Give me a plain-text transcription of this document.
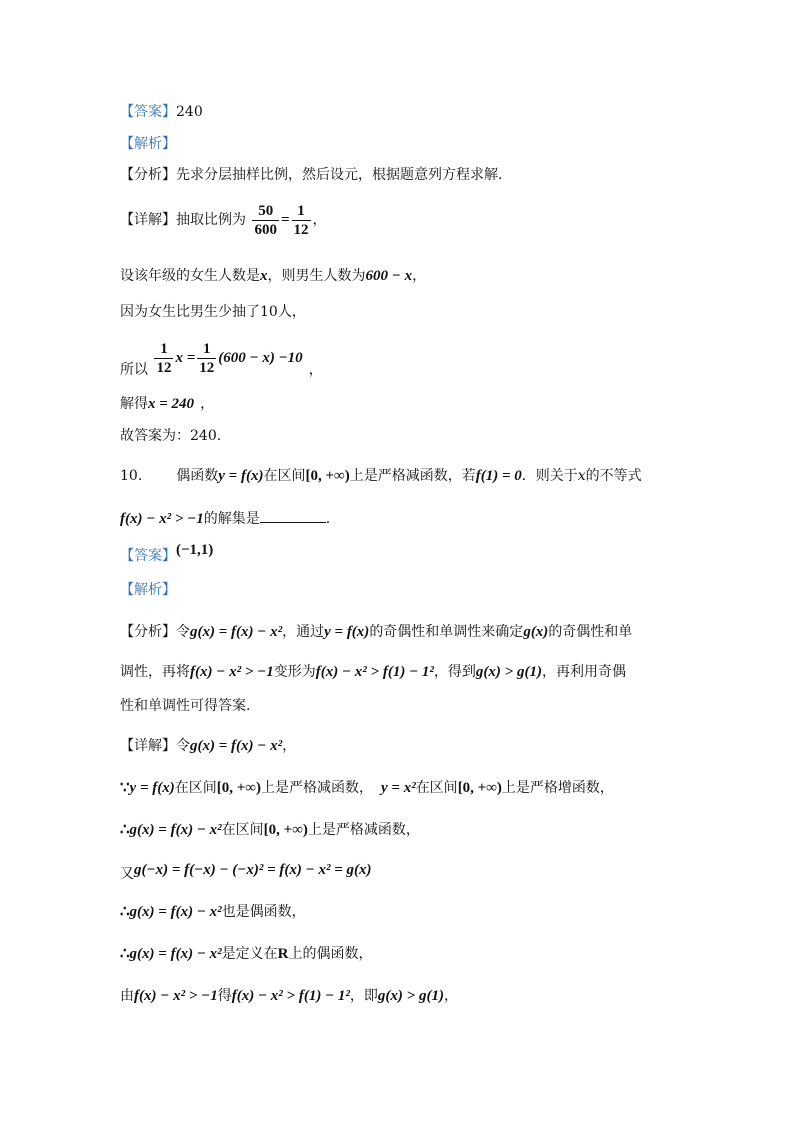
【答案】240
【解析】
【分析】先求分层抽样比例，然后设元，根据题意列方程求解.
【详解】抽取比例为 $\frac{50}{600} = \frac{1}{12}$ ，
设该年级的女生人数是x，则男生人数为600 − x，
因为女生比男生少抽了10人，
所以 $\frac{1}{12}$ $x = \frac{1}{12} (600 - x) -10$，
解得x = 240 ，
故答案为：240.
10. 偶函数y = f(x)在区间[0, +∞)上是严格减函数，若f(1) = 0．则关于x的不等式
f(x) − x² > −1的解集是	.
【答案】(−1,1)
【解析】
【分析】令g(x) = f(x) − x²，通过y = f(x)的奇偶性和单调性来确定g(x)的奇偶性和单
调性，再将f(x) − x² > −1变形为f(x) − x² > f(1) − 1²，得到g(x) > g(1)，再利用奇偶
性和单调性可得答案.
【详解】令g(x) = f(x) − x²，
∵y = f(x)在区间[0, +∞)上是严格减函数， y = x²在区间[0, +∞)上是严格增函数，
∴g(x) = f(x) − x²在区间[0, +∞)上是严格减函数，
又g(−x) = f(−x) − (−x)² = f(x) − x² = g(x)
∴g(x) = f(x) − x²也是偶函数，
∴g(x) = f(x) − x²是定义在R上的偶函数，
由f(x) − x² > −1得f(x) − x² > f(1) − 1²，即g(x) > g(1)，
